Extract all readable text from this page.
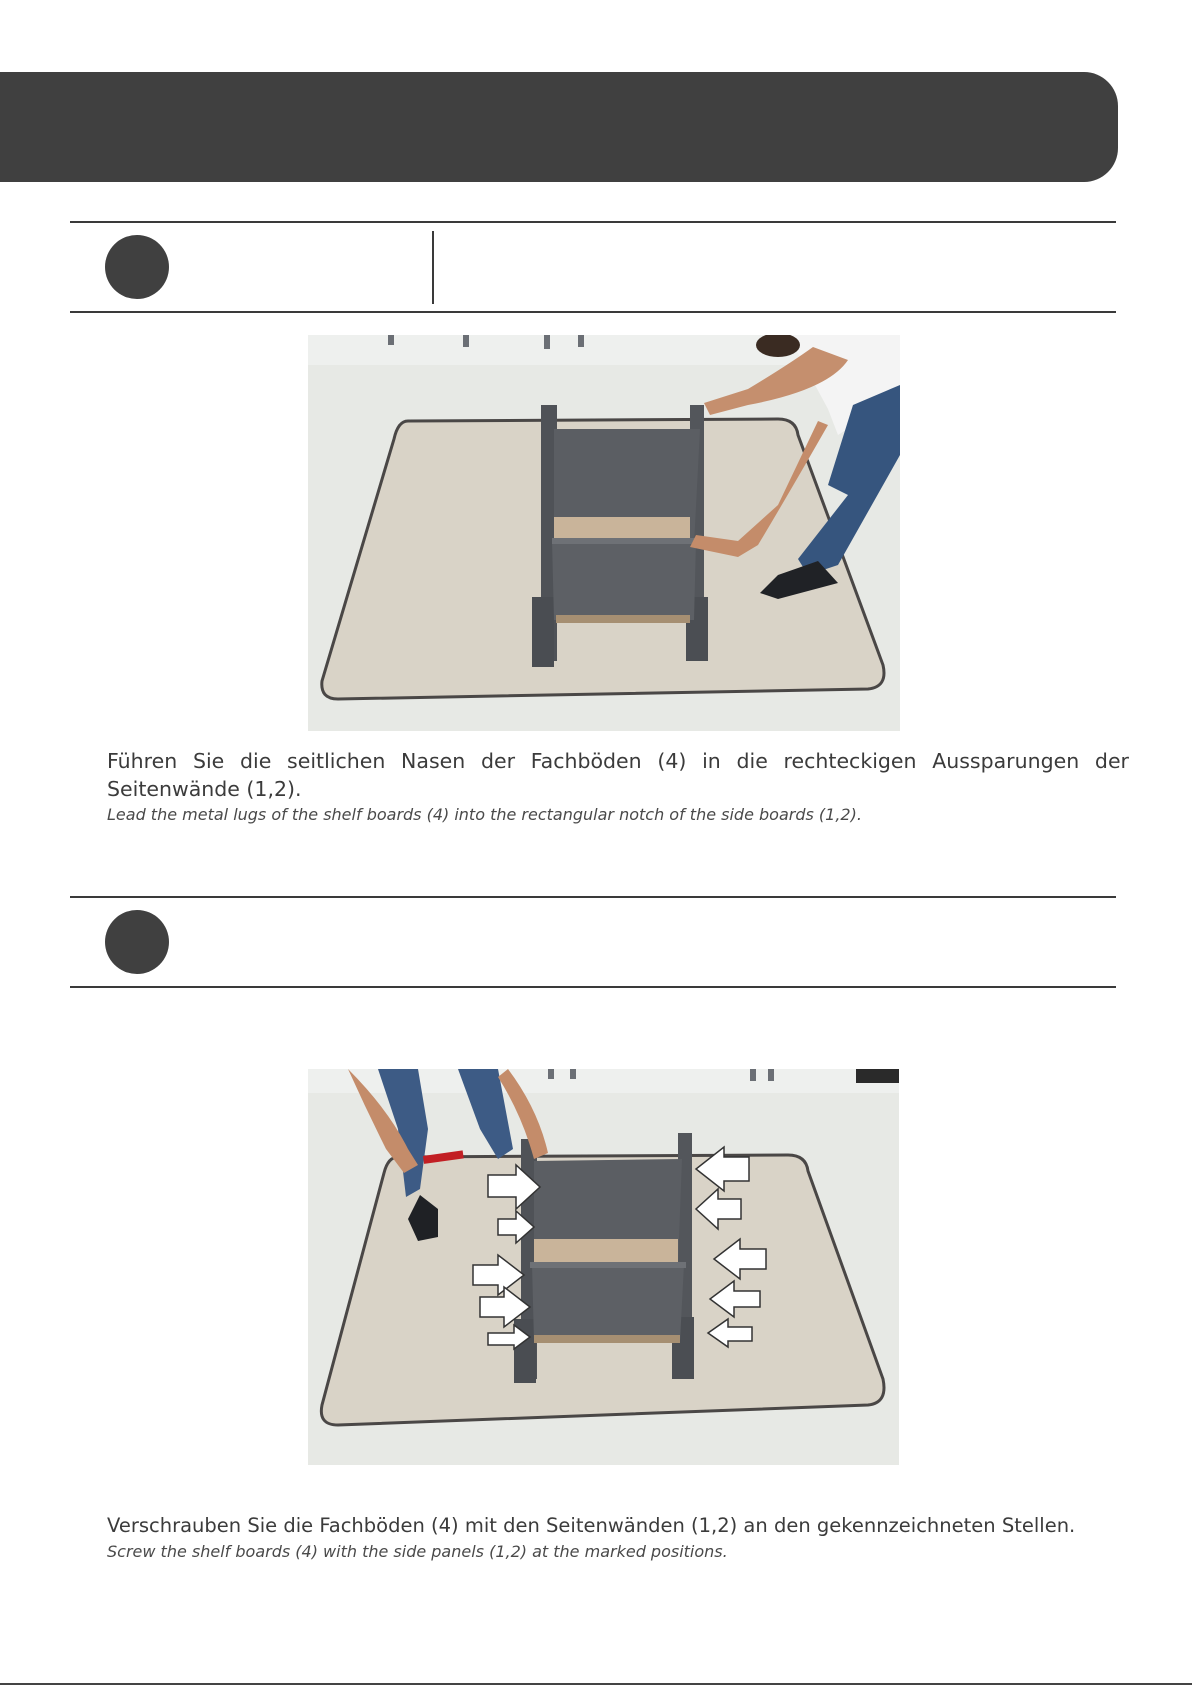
Führen Sie die seitlichen Nasen der Fachböden (4) in die rechteckigen Aussparungen der Seitenwände (1,2).
Lead the metal lugs of the shelf boards (4) into the rectangular notch of the side boards (1,2).
Verschrauben Sie die Fachböden (4) mit den Seitenwänden (1,2) an den gekennzeichneten Stellen.
Screw the shelf boards (4) with the side panels (1,2) at the marked positions.
